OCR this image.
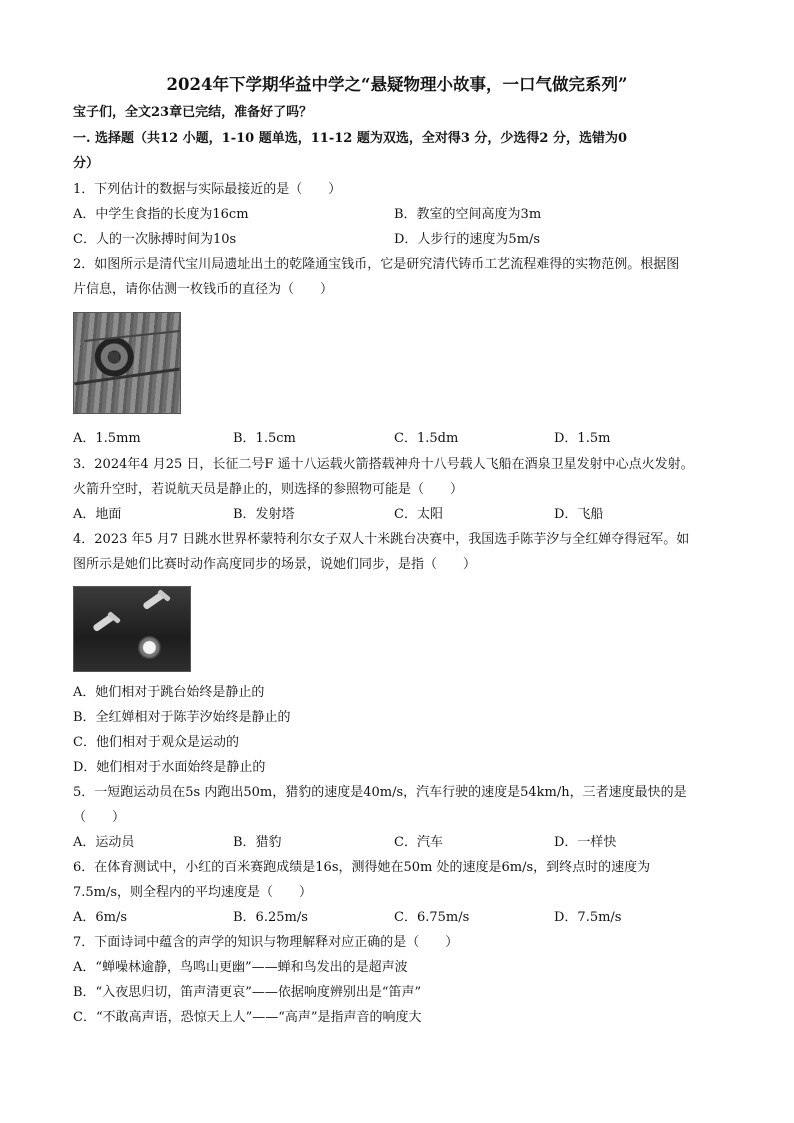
2024年下学期华益中学之“悬疑物理小故事，一口气做完系列”
宝子们，全文23章已完结，准备好了吗？
一. 选择题（共12 小题，1-10 题单选，11-12 题为双选，全对得3 分，少选得2 分，选错为0
分）
1．下列估计的数据与实际最接近的是（　　）
A．中学生食指的长度为16cm	B．教室的空间高度为3m
C．人的一次脉搏时间为10s	D．人步行的速度为5m/s
2．如图所示是清代宝川局遗址出土的乾隆通宝钱币，它是研究清代铸币工艺流程难得的实物范例。根据图
片信息，请你估测一枚钱币的直径为（　　）
A．1.5mm	B．1.5cm	C．1.5dm	D．1.5m
3．2024年4 月25 日，长征二号F 遥十八运载火箭搭载神舟十八号载人飞船在酒泉卫星发射中心点火发射。
火箭升空时，若说航天员是静止的，则选择的参照物可能是（　　）
A．地面	B．发射塔	C．太阳	D．飞船
4．2023 年5 月7 日跳水世界杯蒙特利尔女子双人十米跳台决赛中，我国选手陈芋汐与全红婵夺得冠军。如
图所示是她们比赛时动作高度同步的场景，说她们同步，是指（　　）
A．她们相对于跳台始终是静止的
B．全红婵相对于陈芋汐始终是静止的
C．他们相对于观众是运动的
D．她们相对于水面始终是静止的
5．一短跑运动员在5s 内跑出50m，猎豹的速度是40m/s，汽车行驶的速度是54km/h，三者速度最快的是
（　　）
A．运动员	B．猎豹	C．汽车	D．一样快
6．在体育测试中，小红的百米赛跑成绩是16s，测得她在50m 处的速度是6m/s，到终点时的速度为
7.5m/s，则全程内的平均速度是（　　）
A．6m/s	B．6.25m/s	C．6.75m/s	D．7.5m/s
7．下面诗词中蕴含的声学的知识与物理解释对应正确的是（　　）
A．“蝉噪林逾静，鸟鸣山更幽”——蝉和鸟发出的是超声波
B．“入夜思归切，笛声清更哀”——依据响度辨别出是“笛声”
C．“不敢高声语，恐惊天上人”——“高声”是指声音的响度大
